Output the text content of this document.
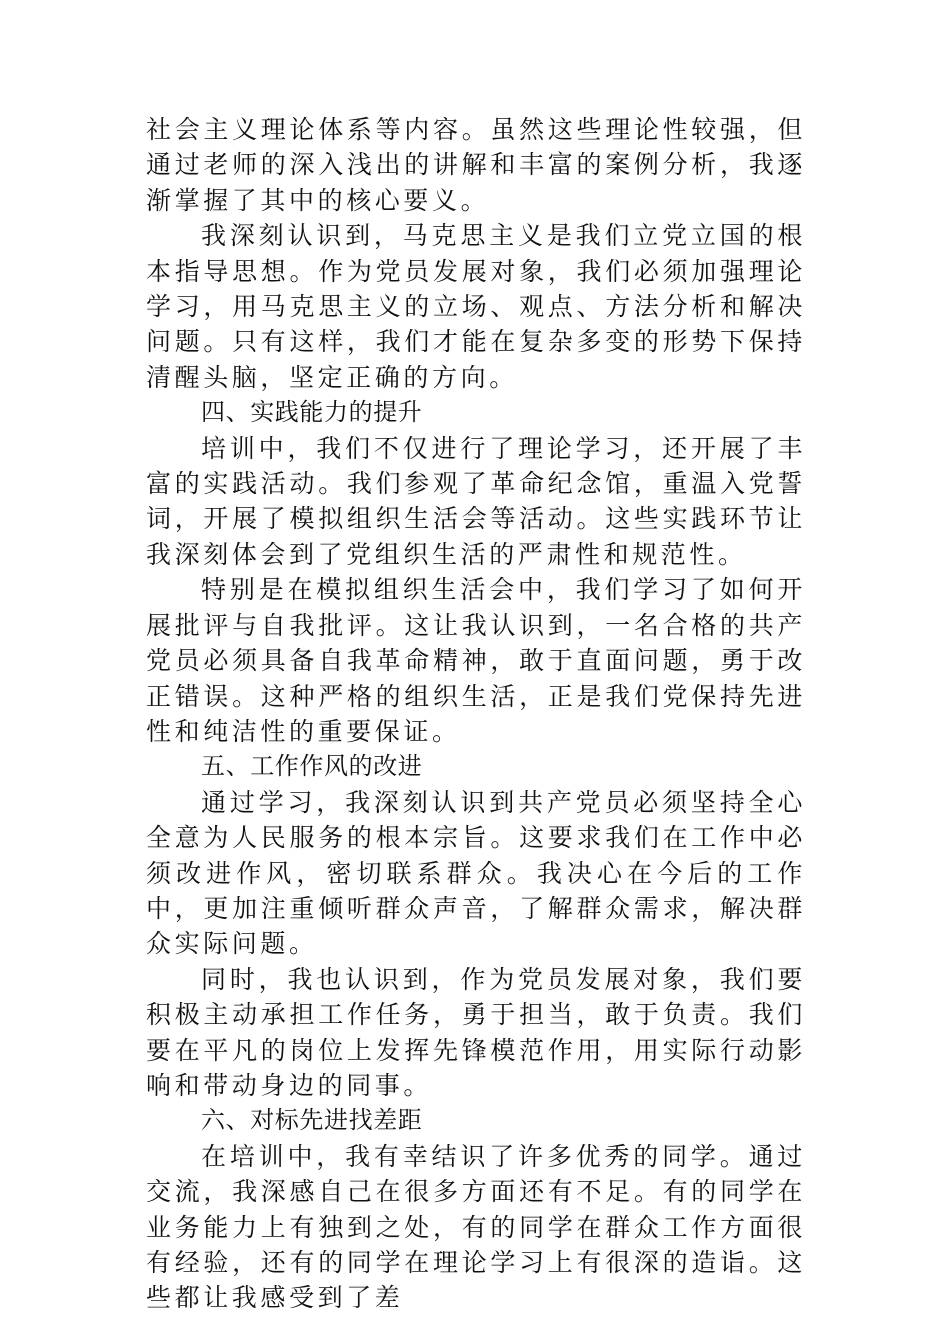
社会主义理论体系等内容。虽然这些理论性较强，但通过老师的深入浅出的讲解和丰富的案例分析，我逐渐掌握了其中的核心要义。

我深刻认识到，马克思主义是我们立党立国的根本指导思想。作为党员发展对象，我们必须加强理论学习，用马克思主义的立场、观点、方法分析和解决问题。只有这样，我们才能在复杂多变的形势下保持清醒头脑，坚定正确的方向。

四、实践能力的提升

培训中，我们不仅进行了理论学习，还开展了丰富的实践活动。我们参观了革命纪念馆，重温入党誓词，开展了模拟组织生活会等活动。这些实践环节让我深刻体会到了党组织生活的严肃性和规范性。

特别是在模拟组织生活会中，我们学习了如何开展批评与自我批评。这让我认识到，一名合格的共产党员必须具备自我革命精神，敢于直面问题，勇于改正错误。这种严格的组织生活，正是我们党保持先进性和纯洁性的重要保证。

五、工作作风的改进

通过学习，我深刻认识到共产党员必须坚持全心全意为人民服务的根本宗旨。这要求我们在工作中必须改进作风，密切联系群众。我决心在今后的工作中，更加注重倾听群众声音，了解群众需求，解决群众实际问题。

同时，我也认识到，作为党员发展对象，我们要积极主动承担工作任务，勇于担当，敢于负责。我们要在平凡的岗位上发挥先锋模范作用，用实际行动影响和带动身边的同事。

六、对标先进找差距

在培训中，我有幸结识了许多优秀的同学。通过交流，我深感自己在很多方面还有不足。有的同学在业务能力上有独到之处，有的同学在群众工作方面很有经验，还有的同学在理论学习上有很深的造诣。这些都让我感受到了差
